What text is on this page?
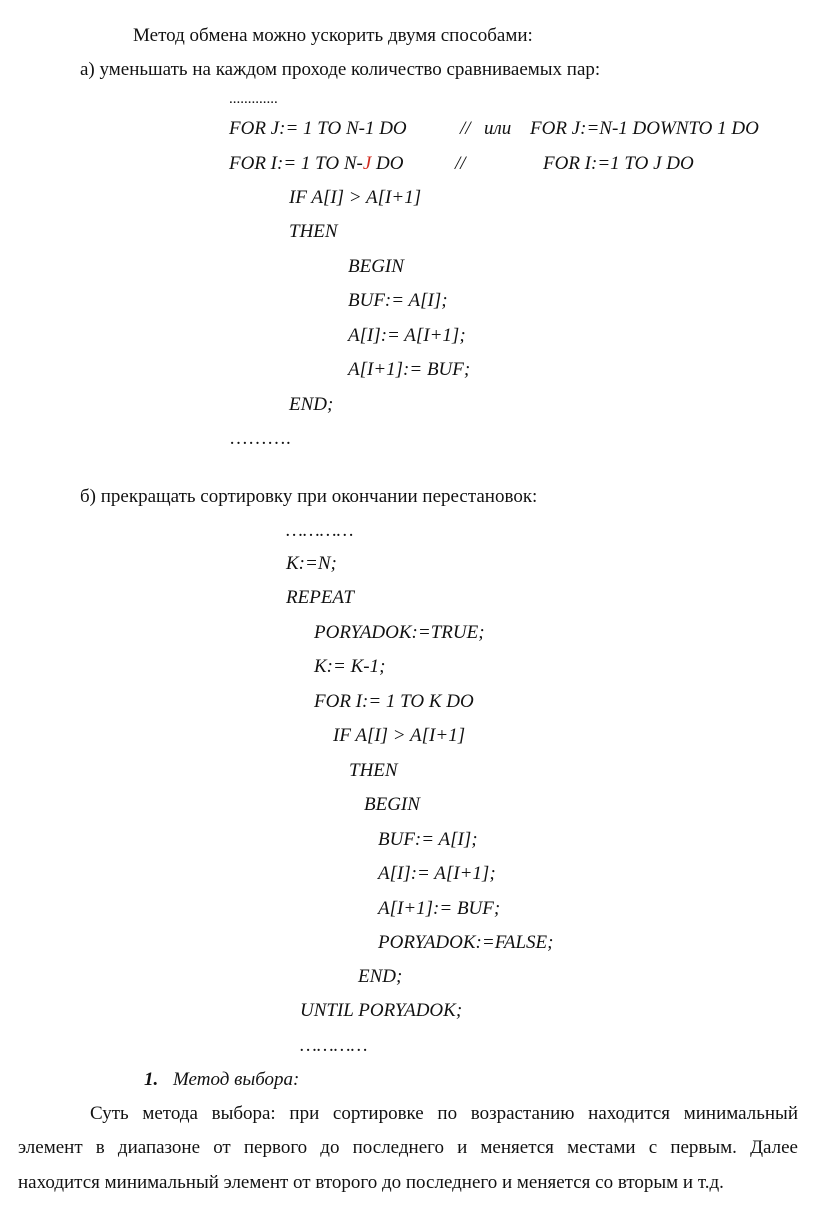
Метод обмена можно ускорить двумя способами:
а) уменьшать на каждом проходе количество сравниваемых пар:
.............
FOR J:= 1 TO N-1 DO	// или FOR J:=N-1 DOWNTO 1 DO
FOR I:= 1 TO N-J DO	//	FOR I:=1 TO J DO
IF A[I] > A[I+1]
THEN
BEGIN
BUF:= A[I];
A[I]:= A[I+1];
A[I+1]:= BUF;
END;
……….
б) прекращать сортировку при окончании перестановок:
…………
K:=N;
REPEAT
PORYADOK:=TRUE;
K:= K-1;
FOR I:= 1 TO K DO
IF A[I] > A[I+1]
THEN
BEGIN
BUF:= A[I];
A[I]:= A[I+1];
A[I+1]:= BUF;
PORYADOK:=FALSE;
END;
UNTIL PORYADOK;
…………
1. Метод выбора:
Суть метода выбора: при сортировке по возрастанию находится минимальный
элемент в диапазоне от первого до последнего и меняется местами с первым. Далее
находится минимальный элемент от второго до последнего и меняется со вторым и т.д.
